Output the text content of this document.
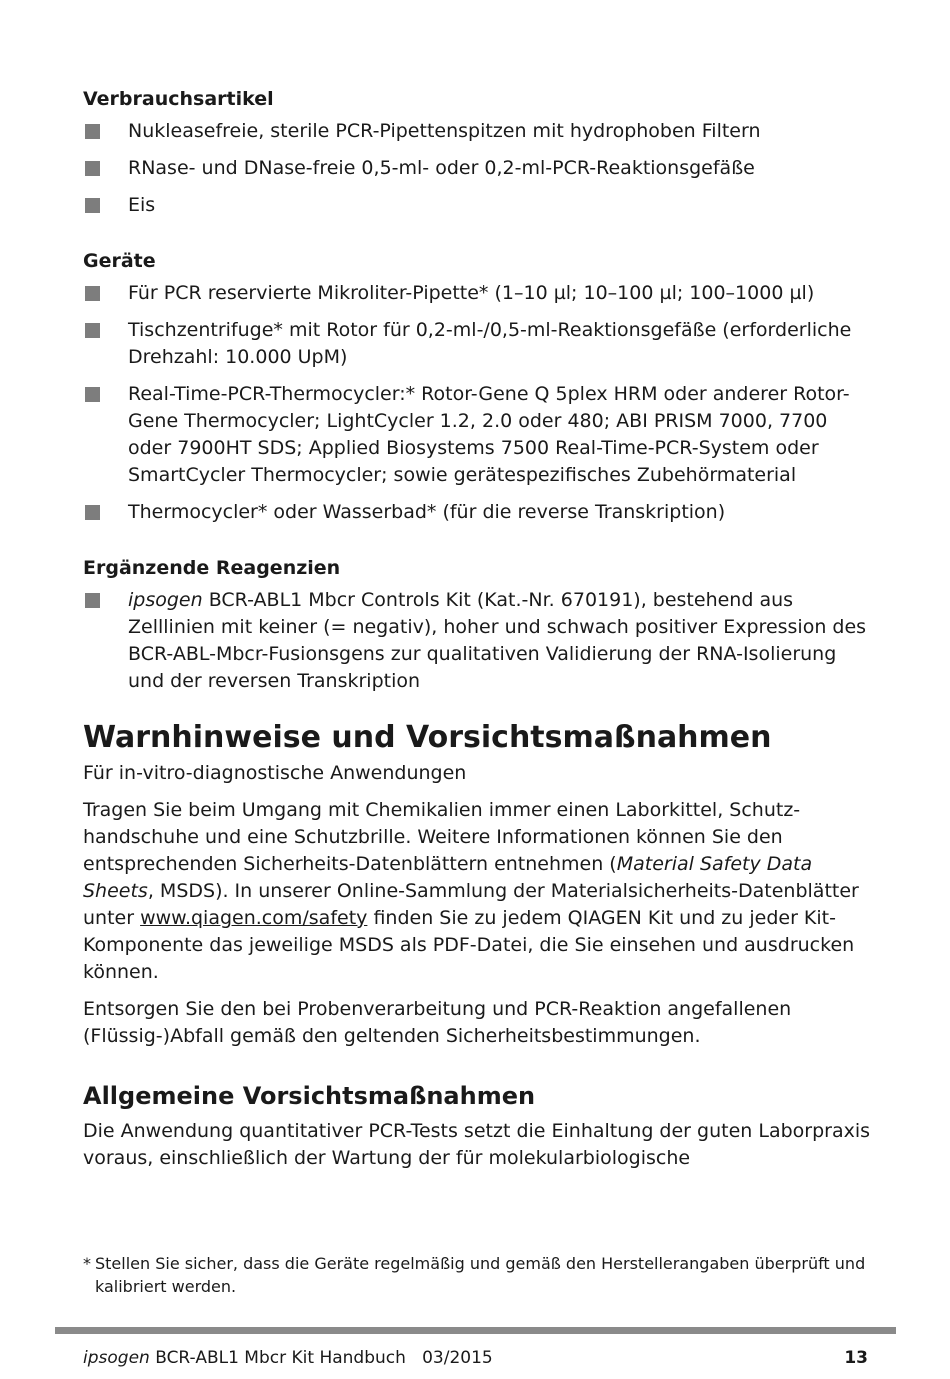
Verbrauchsartikel
Nukleasefreie, sterile PCR-Pipettenspitzen mit hydrophoben Filtern
RNase- und DNase-freie 0,5-ml- oder 0,2-ml-PCR-Reaktionsgefäße
Eis
Geräte
Für PCR reservierte Mikroliter-Pipette* (1–10 µl; 10–100 µl; 100–1000 µl)
Tischzentrifuge* mit Rotor für 0,2-ml-/0,5-ml-Reaktionsgefäße (erforderliche Drehzahl: 10.000 UpM)
Real-Time-PCR-Thermocycler:* Rotor-Gene Q 5plex HRM oder anderer Rotor-Gene Thermocycler; LightCycler 1.2, 2.0 oder 480; ABI PRISM 7000, 7700 oder 7900HT SDS; Applied Biosystems 7500 Real-Time-PCR-System oder SmartCycler Thermocycler; sowie gerätespezifisches Zubehörmaterial
Thermocycler* oder Wasserbad* (für die reverse Transkription)
Ergänzende Reagenzien
ipsogen BCR-ABL1 Mbcr Controls Kit (Kat.-Nr. 670191), bestehend aus Zelllinien mit keiner (= negativ), hoher und schwach positiver Expression des BCR-ABL-Mbcr-Fusionsgens zur qualitativen Validierung der RNA-Isolierung und der reversen Transkription
Warnhinweise und Vorsichtsmaßnahmen

Für in-vitro-diagnostische Anwendungen

Tragen Sie beim Umgang mit Chemikalien immer einen Laborkittel, Schutzhandschuhe und eine Schutzbrille. Weitere Informationen können Sie den entsprechenden Sicherheits-Datenblättern entnehmen (Material Safety Data Sheets, MSDS). In unserer Online-Sammlung der Materialsicherheits-Datenblätter unter www.qiagen.com/safety finden Sie zu jedem QIAGEN Kit und zu jeder Kit-Komponente das jeweilige MSDS als PDF-Datei, die Sie einsehen und ausdrucken können.

Entsorgen Sie den bei Probenverarbeitung und PCR-Reaktion angefallenen (Flüssig-)Abfall gemäß den geltenden Sicherheitsbestimmungen.

Allgemeine Vorsichtsmaßnahmen

Die Anwendung quantitativer PCR-Tests setzt die Einhaltung der guten Laborpraxis voraus, einschließlich der Wartung der für molekularbiologische

* Stellen Sie sicher, dass die Geräte regelmäßig und gemäß den Herstellerangaben überprüft und kalibriert werden.
ipsogen BCR-ABL1 Mbcr Kit Handbuch   03/2015	13
